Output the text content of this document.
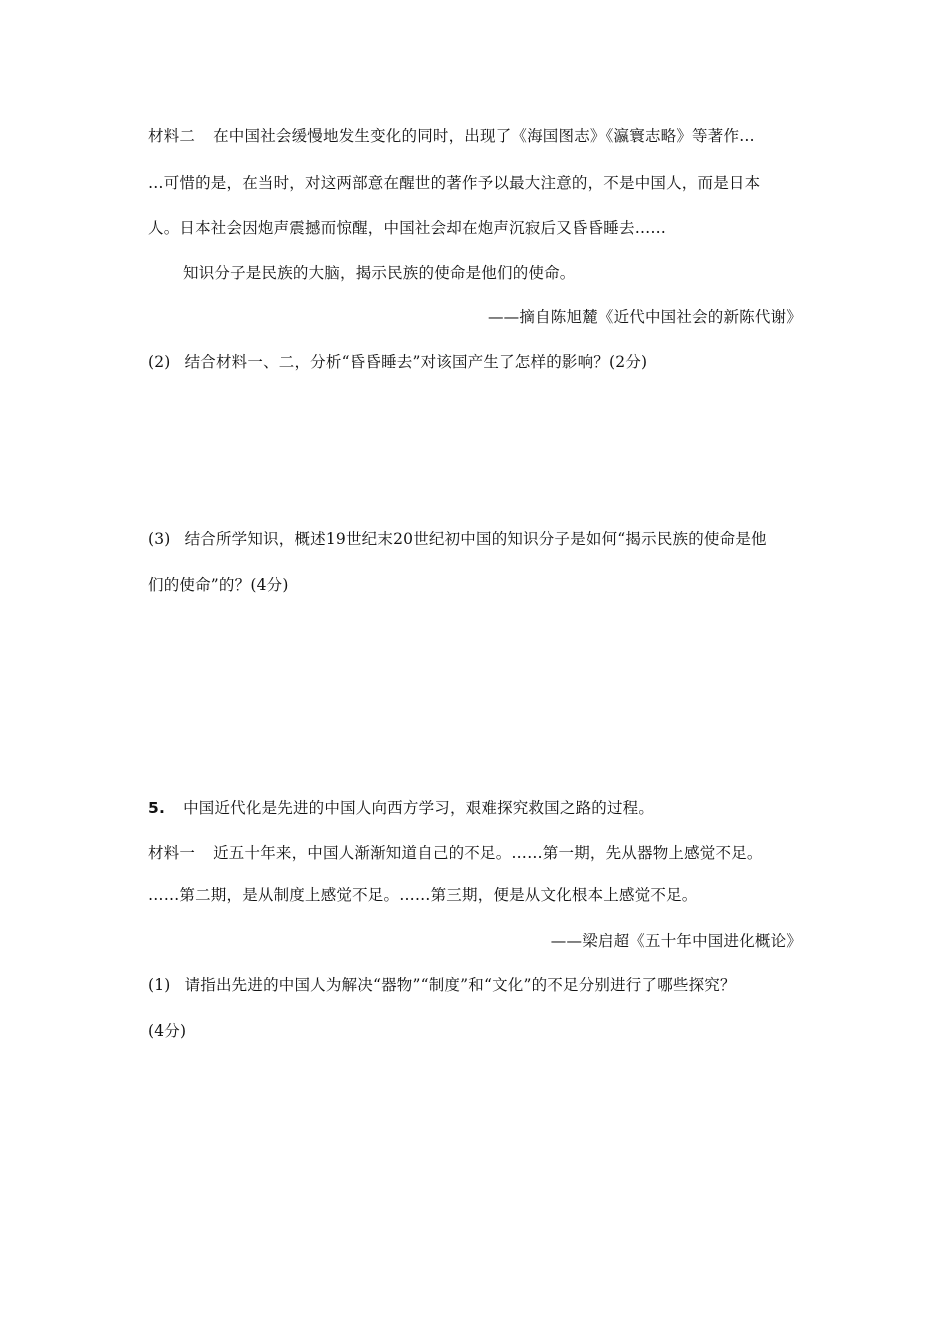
材料二 在中国社会缓慢地发生变化的同时，出现了《海国图志》《瀛寰志略》等著作…
…可惜的是，在当时，对这两部意在醒世的著作予以最大注意的，不是中国人，而是日本
人。日本社会因炮声震撼而惊醒，中国社会却在炮声沉寂后又昏昏睡去……
知识分子是民族的大脑，揭示民族的使命是他们的使命。
——摘自陈旭麓《近代中国社会的新陈代谢》
(2) 结合材料一、二，分析“昏昏睡去”对该国产生了怎样的影响？(2分)
(3) 结合所学知识，概述19世纪末20世纪初中国的知识分子是如何“揭示民族的使命是他
们的使命”的？(4分)
5. 中国近代化是先进的中国人向西方学习，艰难探究救国之路的过程。
材料一 近五十年来，中国人渐渐知道自己的不足。……第一期，先从器物上感觉不足。
……第二期，是从制度上感觉不足。……第三期，便是从文化根本上感觉不足。
——梁启超《五十年中国进化概论》
(1) 请指出先进的中国人为解决“器物”“制度”和“文化”的不足分别进行了哪些探究？
(4分)
